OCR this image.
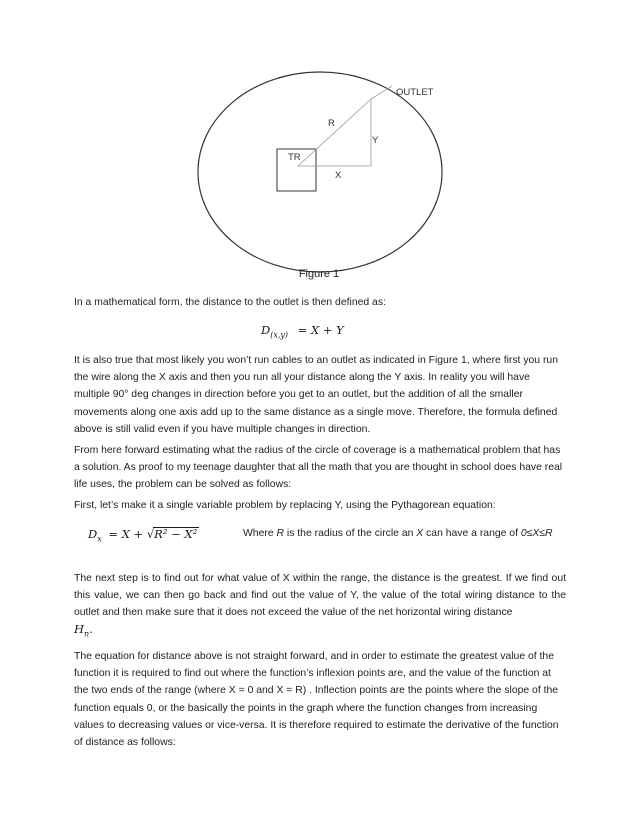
OUTLET
R
Y
TR
X
Figure 1

In a mathematical form, the distance to the outlet is then defined as:

$D_{(x,y)} = X + Y$

It is also true that most likely you won’t run cables to an outlet as indicated in Figure 1, where first you run the wire along the X axis and then you run all your distance along the Y axis. In reality you will have multiple 90° deg changes in direction before you get to an outlet, but the addition of all the smaller movements along one axis add up to the same distance as a single move. Therefore, the formula defined above is still valid even if you have multiple changes in direction.

From here forward estimating what the radius of the circle of coverage is a mathematical problem that has a solution. As proof to my teenage daughter that all the math that you are thought in school does have real life uses, the problem can be solved as follows:

First, let’s make it a single variable problem by replacing Y, using the Pythagorean equation:

$D_x = X + √R^2 - X^2$	Where R is the radius of the circle an X can have a range of 0≤X≤R

The next step is to find out for what value of X within the range, the distance is the greatest. If we find out this value, we can then go back and find out the value of Y, the value of the total wiring distance to the outlet and then make sure that it does not exceed the value of the net horizontal wiring distance

$H_n$.

The equation for distance above is not straight forward, and in order to estimate the greatest value of the function it is required to find out where the function’s inflexion points are, and the value of the function at the two ends of the range (where X = 0 and X = R) . Inflection points are the points where the slope of the function equals 0, or the basically the points in the graph where the function changes from increasing values to decreasing values or vice-versa. It is therefore required to estimate the derivative of the function of distance as follows:
